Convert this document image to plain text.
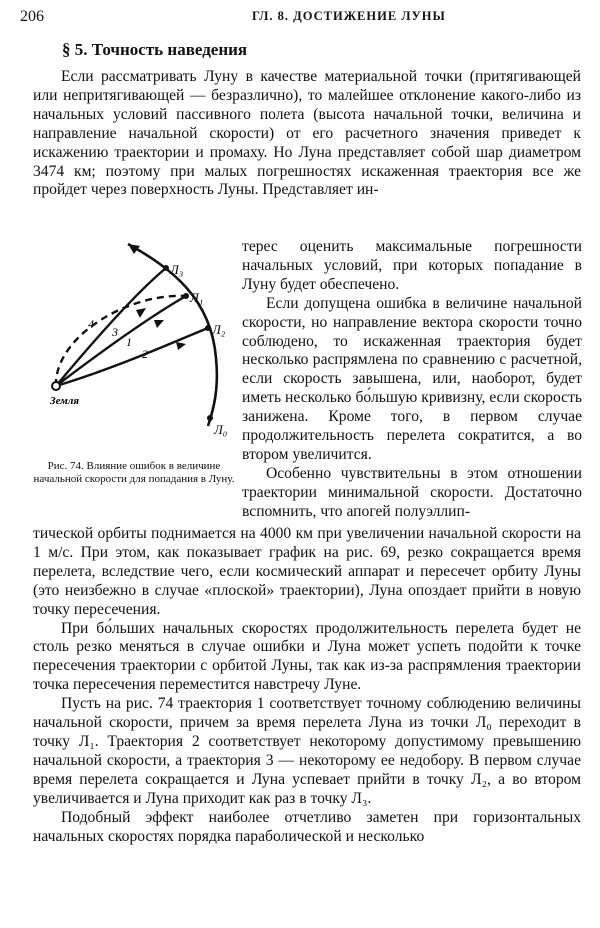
206	ГЛ. 8. ДОСТИЖЕНИЕ ЛУНЫ
§ 5. Точность наведения

Если рассматривать Луну в качестве материальной точки (притягивающей или непритягивающей — безразлично), то малейшее отклонение какого-либо из начальных условий пассивного полета (высота начальной точки, величина и направление начальной скорости) от его расчетного значения приведет к искажению траектории и промаху. Но Луна представляет собой шар диаметром 3474 км; поэтому при малых погрешностях искаженная траектория все же пройдет через поверхность Луны. Представляет ин-

Л₃
Л₁
Л₂
Л₀
4
3
1
2
Земля
Рис. 74. Влияние ошибок в величине начальной скорости для попадания в Луну.

терес оценить максимальные погрешности начальных условий, при которых попадание в Луну будет обеспечено.

Если допущена ошибка в величине начальной скорости, но направление вектора скорости точно соблюдено, то искаженная траектория будет несколько распрямлена по сравнению с расчетной, если скорость завышена, или, наоборот, будет иметь несколько бо́льшую кривизну, если скорость занижена. Кроме того, в первом случае продолжительность перелета сократится, а во втором увеличится.

Особенно чувствительны в этом отношении траектории минимальной скорости. Достаточно вспомнить, что апогей полуэллип-

тической орбиты поднимается на 4000 км при увеличении начальной скорости на 1 м/с. При этом, как показывает график на рис. 69, резко сокращается время перелета, вследствие чего, если космический аппарат и пересечет орбиту Луны (это неизбежно в случае «плоской» траектории), Луна опоздает прийти в новую точку пересечения.

При бо́льших начальных скоростях продолжительность перелета будет не столь резко меняться в случае ошибки и Луна может успеть подойти к точке пересечения траектории с орбитой Луны, так как из-за распрямления траектории точка пересечения переместится навстречу Луне.

Пусть на рис. 74 траектория 1 соответствует точному соблюдению величины начальной скорости, причем за время перелета Луна из точки Л₀ переходит в точку Л₁. Траектория 2 соответствует некоторому допустимому превышению начальной скорости, а траектория 3 — некоторому ее недобору. В первом случае время перелета сокращается и Луна успевает прийти в точку Л₂, а во втором увеличивается и Луна приходит как раз в точку Л₃.

Подобный эффект наиболее отчетливо заметен при горизонтальных начальных скоростях порядка параболической и несколько
